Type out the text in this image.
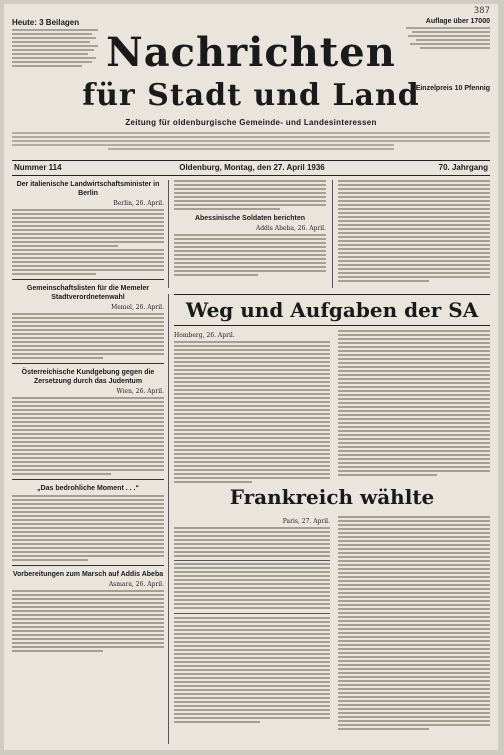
387
Heute: 3 Beilagen	Auflage über 17000
Einzelpreis 10 Pfennig
Nachrichten
für Stadt und Land
Zeitung für oldenburgische Gemeinde- und Landesinteressen
Nummer 114	Oldenburg, Montag, den 27. April 1936	70. Jahrgang
Der italienische Landwirtschaftsminister in Berlin
Berlin, 26. April.
Gemeinschaftslisten für die Memeler Stadtverordnetenwahl
Memel, 26. April.
Österreichische Kundgebung gegen die Zersetzung durch das Judentum
Wien, 26. April.
„Das bedrohliche Moment . . .“
Vorbereitungen zum Marsch auf Addis Abeba
Asmara, 26. April.
Abessinische Soldaten berichten
Addis Abeba, 26. April.
Weg und Aufgaben der SA
Homberg, 26. April.
Frankreich wählte
Paris, 27. April.
